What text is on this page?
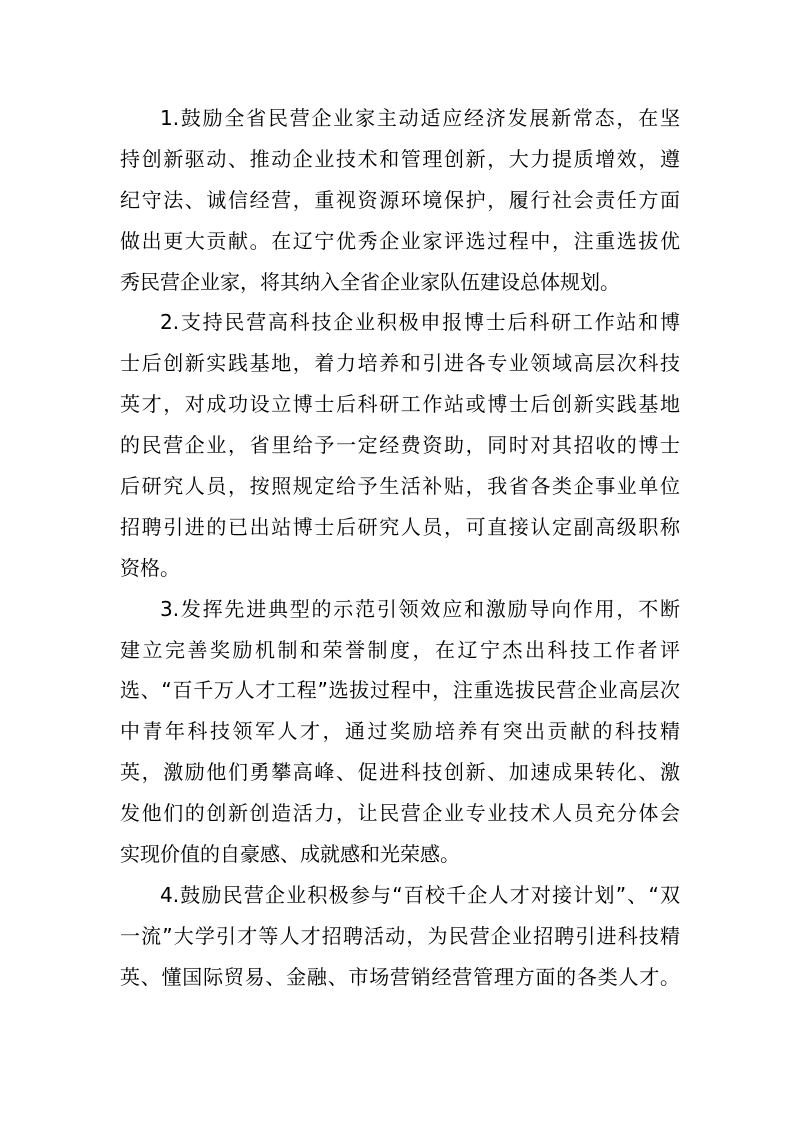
1.鼓励全省民营企业家主动适应经济发展新常态，在坚
持创新驱动、推动企业技术和管理创新，大力提质增效，遵
纪守法、诚信经营，重视资源环境保护，履行社会责任方面
做出更大贡献。在辽宁优秀企业家评选过程中，注重选拔优
秀民营企业家，将其纳入全省企业家队伍建设总体规划。
2.支持民营高科技企业积极申报博士后科研工作站和博
士后创新实践基地，着力培养和引进各专业领域高层次科技
英才，对成功设立博士后科研工作站或博士后创新实践基地
的民营企业，省里给予一定经费资助，同时对其招收的博士
后研究人员，按照规定给予生活补贴，我省各类企事业单位
招聘引进的已出站博士后研究人员，可直接认定副高级职称
资格。
3.发挥先进典型的示范引领效应和激励导向作用，不断
建立完善奖励机制和荣誉制度，在辽宁杰出科技工作者评
选、“百千万人才工程”选拔过程中，注重选拔民营企业高层次
中青年科技领军人才，通过奖励培养有突出贡献的科技精
英，激励他们勇攀高峰、促进科技创新、加速成果转化、激
发他们的创新创造活力，让民营企业专业技术人员充分体会
实现价值的自豪感、成就感和光荣感。
4.鼓励民营企业积极参与“百校千企人才对接计划”、“双
一流”大学引才等人才招聘活动，为民营企业招聘引进科技精
英、懂国际贸易、金融、市场营销经营管理方面的各类人才。
